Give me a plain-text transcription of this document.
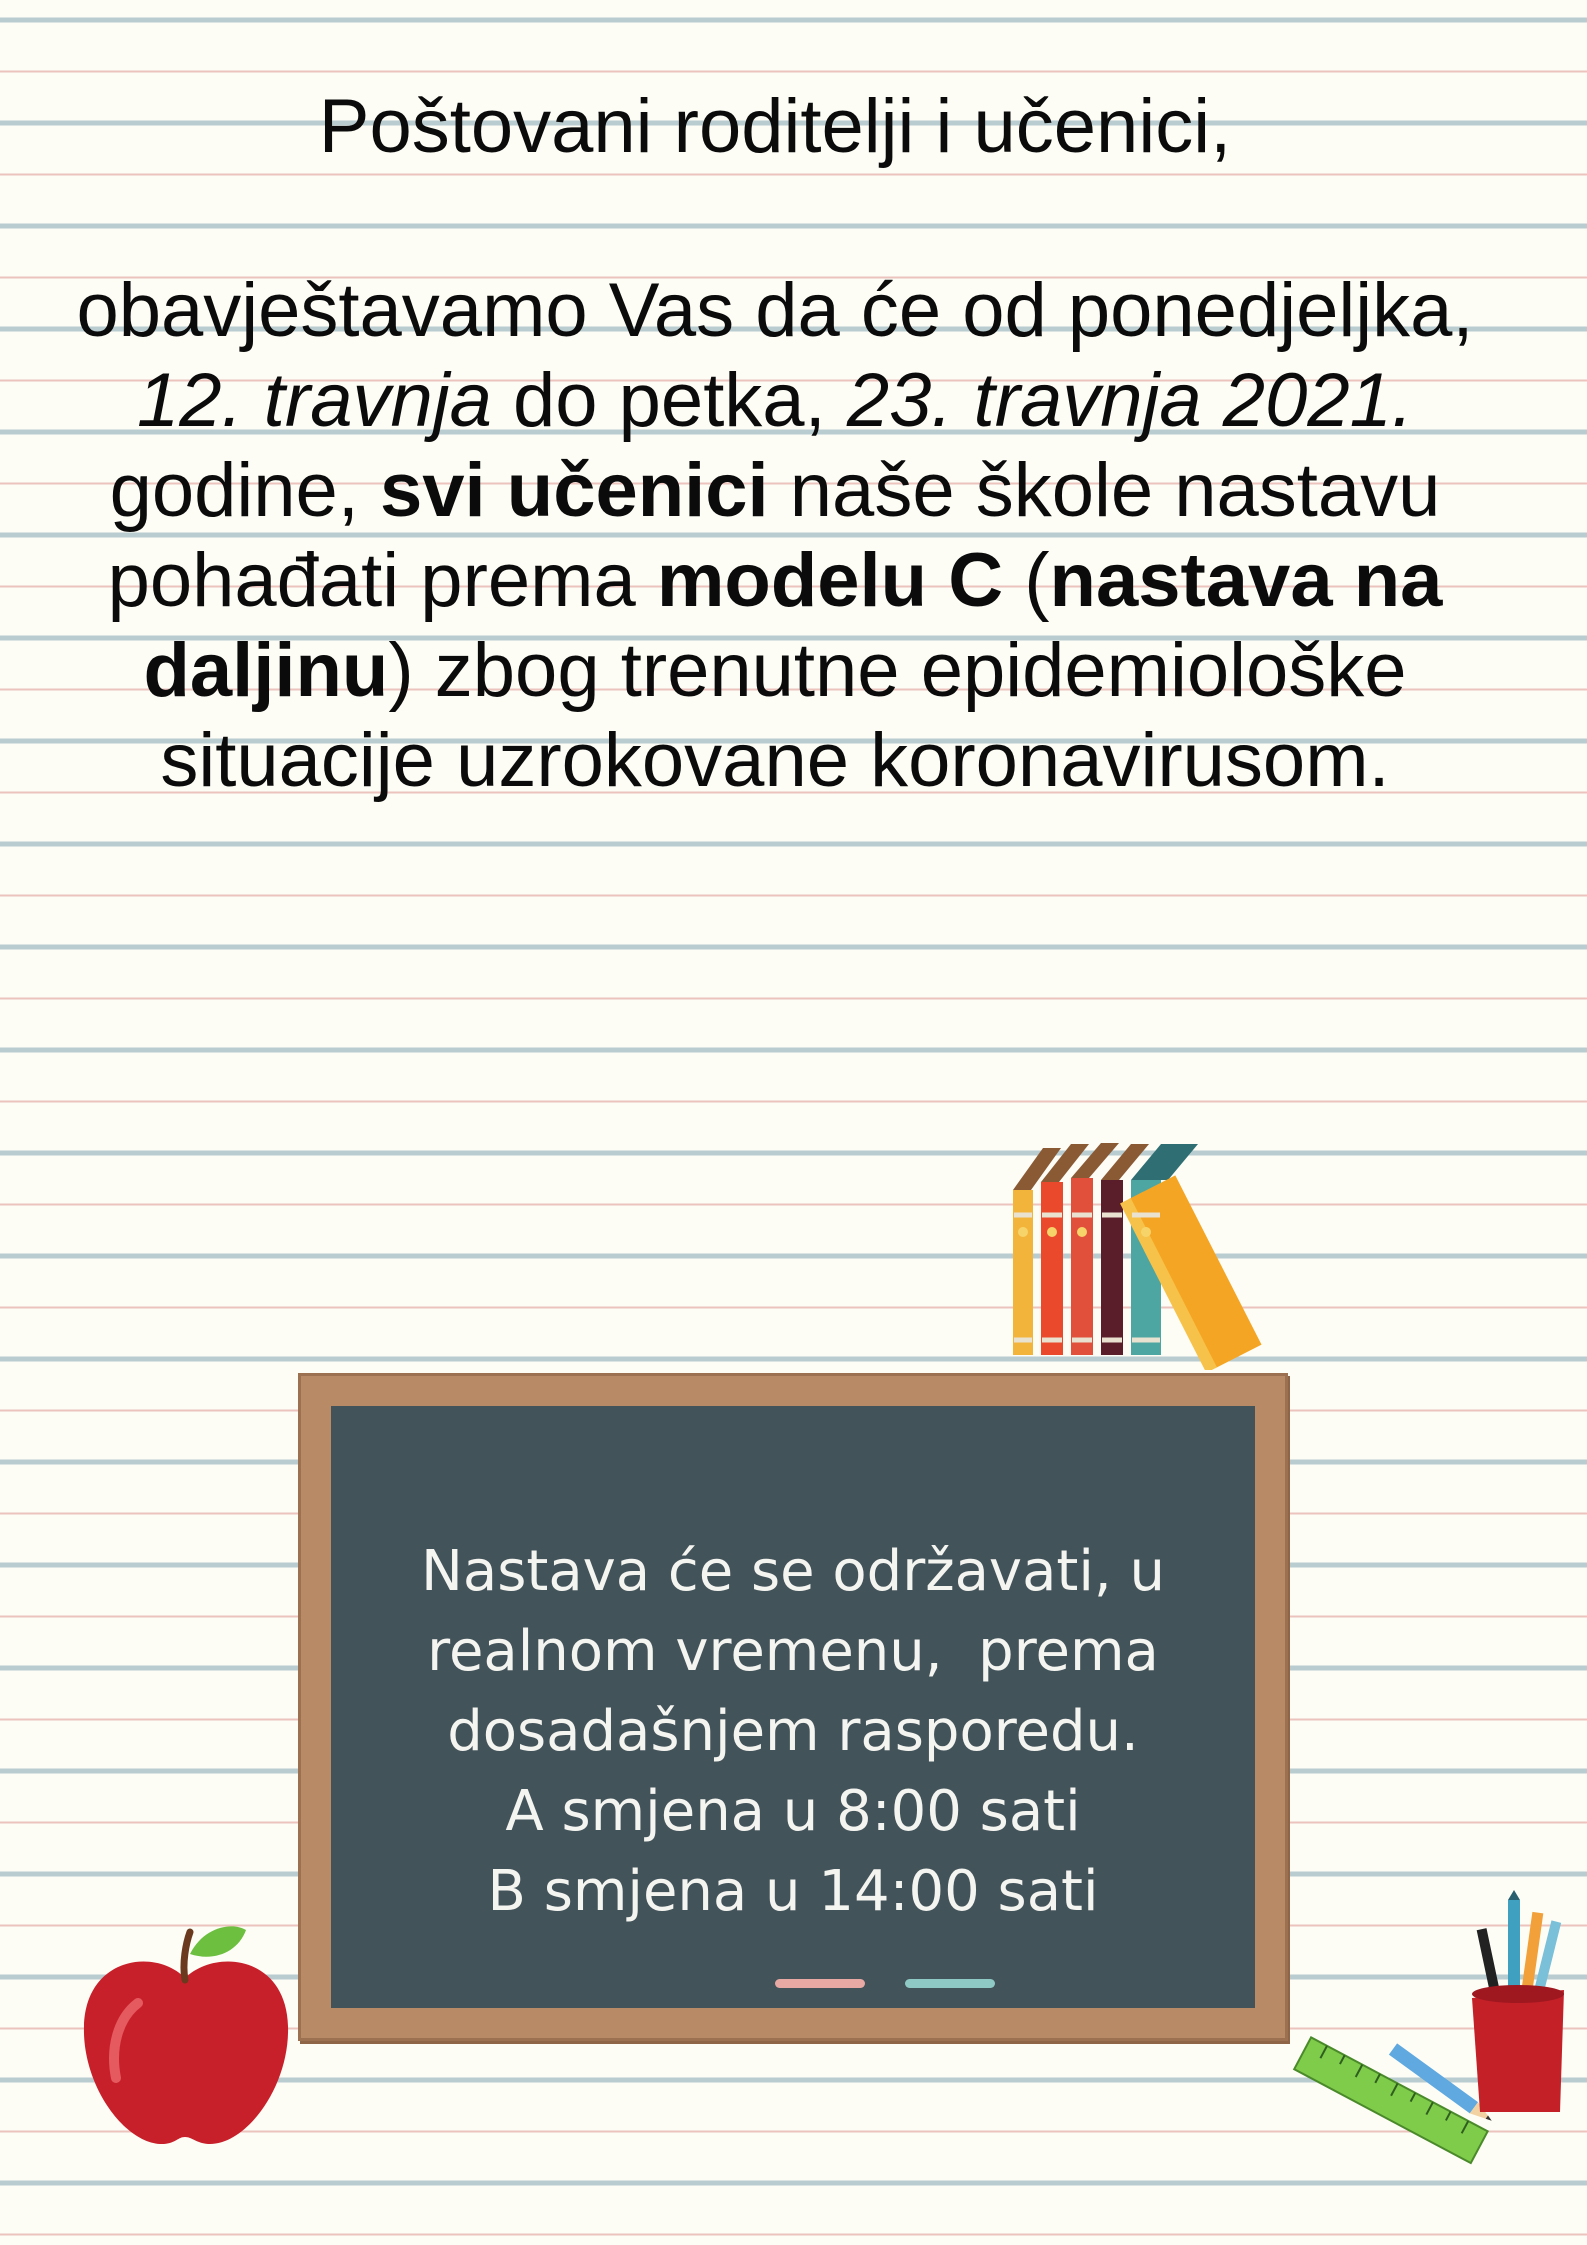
Poštovani roditelji i učenici,

obavještavamo Vas da će od ponedjeljka, 12. travnja do petka, 23. travnja 2021. godine, svi učenici naše škole nastavu pohađati prema modelu C (nastava na daljinu) zbog trenutne epidemiološke situacije uzrokovane koronavirusom.

Nastava će se održavati, u
realnom vremenu,  prema
dosadašnjem rasporedu.
A smjena u 8:00 sati
B smjena u 14:00 sati
